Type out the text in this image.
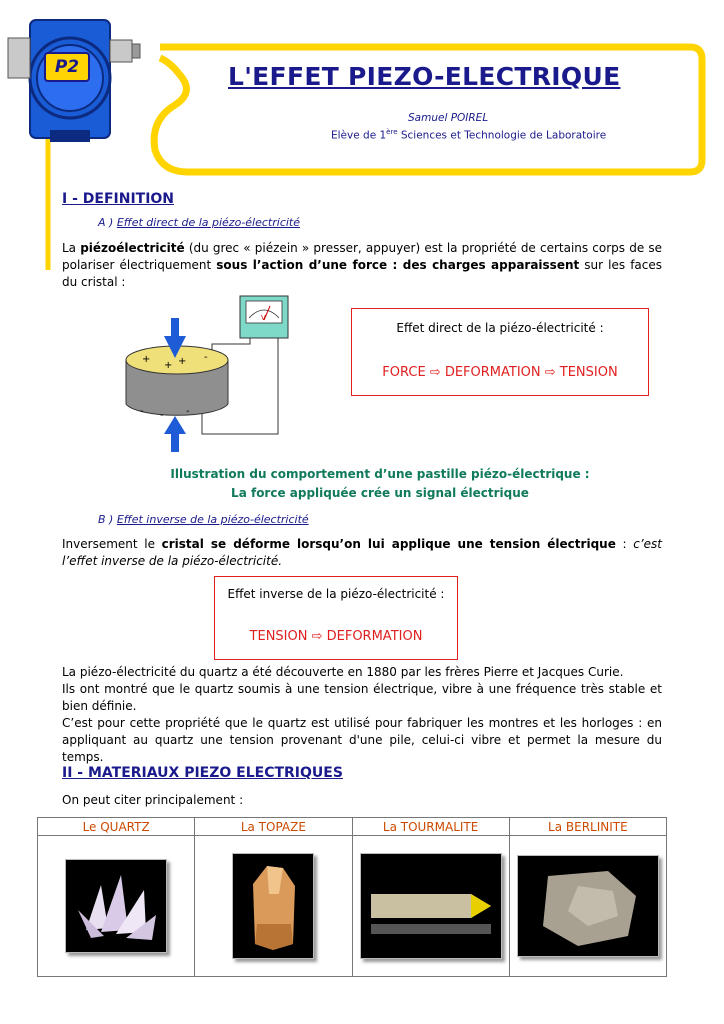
P2	L'EFFET PIEZO-ELECTRIQUE
Samuel POIREL
Elève de 1ère Sciences et Technologie de Laboratoire
I - DEFINITION
A ) Effet direct de la piézo-électricité
La piézoélectricité (du grec « piézein » presser, appuyer) est la propriété de certains corps de se polariser électriquement sous l’action d’une force : des charges apparaissent sur les faces du cristal :
V
+
+ + -
- - -
Effet direct de la piézo-électricité :
FORCE ⇨ DEFORMATION ⇨ TENSION
Illustration du comportement d’une pastille piézo-électrique :
La force appliquée crée un signal électrique
B ) Effet inverse de la piézo-électricité
Inversement le cristal se déforme lorsqu’on lui applique une tension électrique : c’est l’effet inverse de la piézo-électricité.
Effet inverse de la piézo-électricité :
TENSION ⇨ DEFORMATION
La piézo-électricité du quartz a été découverte en 1880 par les frères Pierre et Jacques Curie.
Ils ont montré que le quartz soumis à une tension électrique, vibre à une fréquence très stable et bien définie.
C’est pour cette propriété que le quartz est utilisé pour fabriquer les montres et les horloges : en appliquant au quartz une tension provenant d'une pile, celui-ci vibre et permet la mesure du temps.
II - MATERIAUX PIEZO ELECTRIQUES
On peut citer principalement :
Le QUARTZ	La TOPAZE	La TOURMALITE	La BERLINITE
